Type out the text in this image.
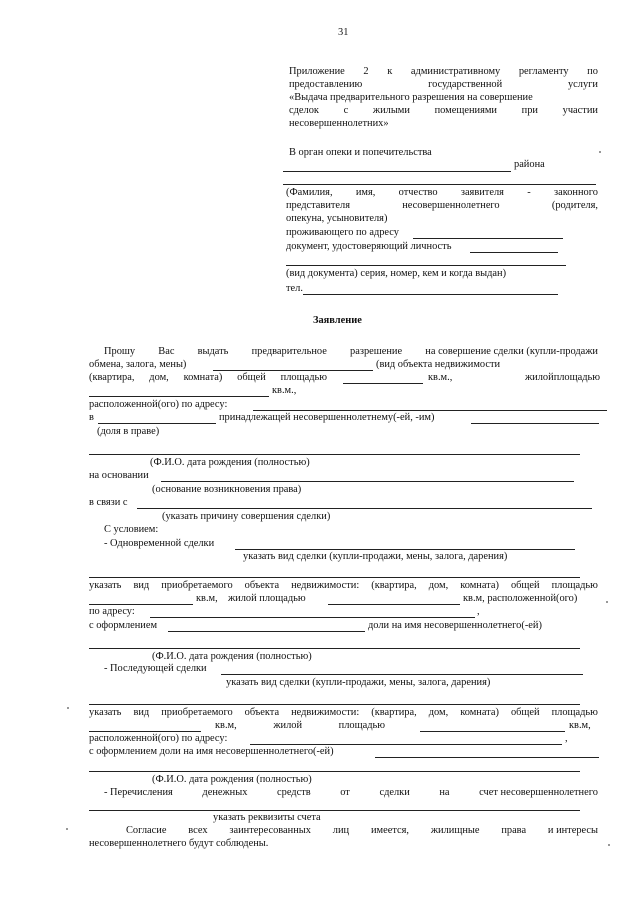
31
Приложение 2 к административному регламенту по
предоставлению	государственной	услуги
«Выдача предварительного разрешения на совершение
сделок с жилыми помещениями при участии
несовершеннолетних»
В орган опеки и попечительства
района
(Фамилия, имя, отчество заявителя - законного
представителя	несовершеннолетнего	(родителя,
опекуна, усыновителя)
проживающего по адресу
документ, удостоверяющий личность
(вид документа) серия, номер, кем и когда выдан)
тел.
Заявление
Прошу Вас выдать предварительное разрешение на совершение сделки (купли-продажи
обмена, залога, мены)	(вид объекта недвижимости
(квартира, дом, комната) общей площадью	кв.м.,	жилой площадью
кв.м.,
расположенной(ого) по адресу:
в	принадлежащей несовершеннолетнему(-ей, -им)
(доля в праве)
(Ф.И.О. дата рождения (полностью)
на основании
(основание возникновения права)
в связи с
(указать причину совершения сделки)
С условием:
- Одновременной сделки
указать вид сделки (купли-продажи, мены, залога, дарения)
указать вид приобретаемого объекта недвижимости: (квартира, дом, комната) общей площадью
кв.м, жилой площадью	кв.м, расположенной(ого)
по адресу:	,
с оформлением	доли на имя несовершеннолетнего(-ей)
(Ф.И.О. дата рождения (полностью)
- Последующей сделки
указать вид сделки (купли-продажи, мены, залога, дарения)
указать вид приобретаемого объекта недвижимости: (квартира, дом, комната) общей площадью
кв.м,	жилой	площадью	кв.м,
расположенной(ого) по адресу:	,
с оформлением доли на имя несовершеннолетнего(-ей)
(Ф.И.О. дата рождения (полностью)
- Перечисления	денежных	средств	от	сделки	на	счет несовершеннолетнего
указать реквизиты счета
Согласие всех заинтересованных лиц имеется, жилищные права и интересы
несовершеннолетнего будут соблюдены.
